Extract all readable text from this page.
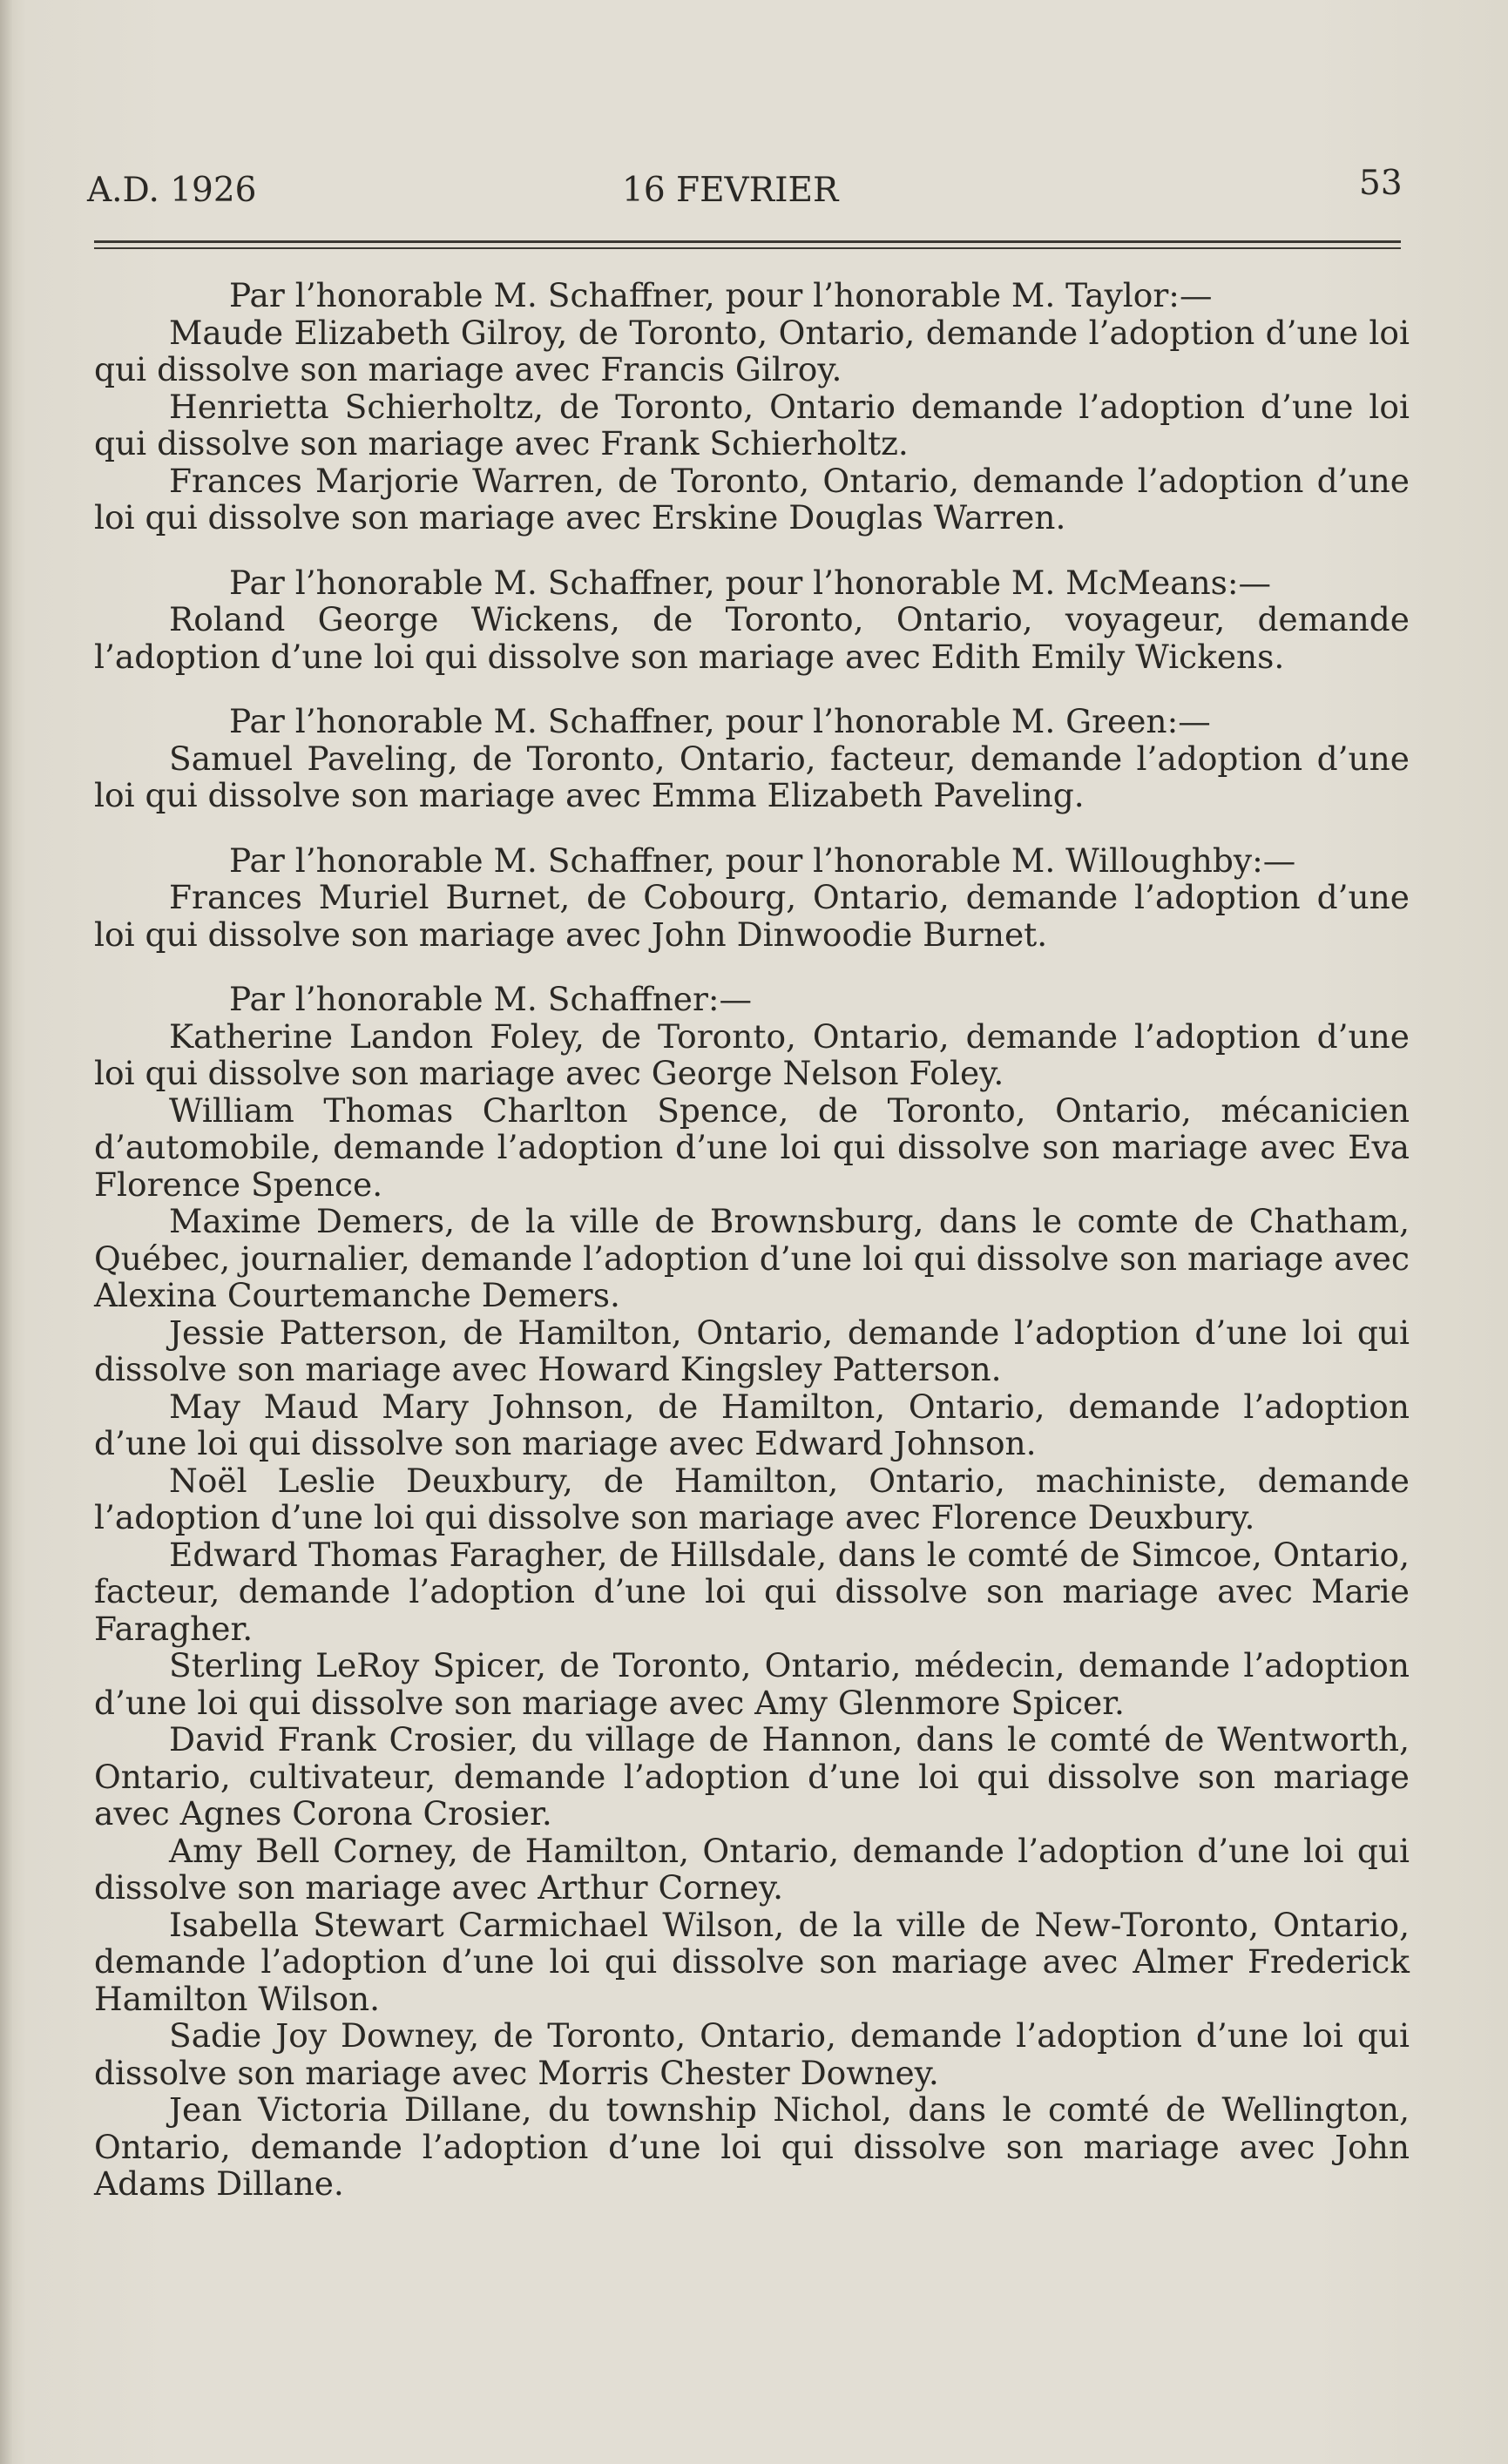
A.D. 1926	16 FEVRIER	53

Par l’honorable M. Schaffner, pour l’honorable M. Taylor:—

Maude Elizabeth Gilroy, de Toronto, Ontario, demande l’adoption d’une loi qui dissolve son mariage avec Francis Gilroy.

Henrietta Schierholtz, de Toronto, Ontario demande l’adoption d’une loi qui dissolve son mariage avec Frank Schierholtz.

Frances Marjorie Warren, de Toronto, Ontario, demande l’adoption d’une loi qui dissolve son mariage avec Erskine Douglas Warren.

Par l’honorable M. Schaffner, pour l’honorable M. McMeans:—

Roland George Wickens, de Toronto, Ontario, voyageur, demande l’adoption d’une loi qui dissolve son mariage avec Edith Emily Wickens.

Par l’honorable M. Schaffner, pour l’honorable M. Green:—

Samuel Paveling, de Toronto, Ontario, facteur, demande l’adoption d’une loi qui dissolve son mariage avec Emma Elizabeth Paveling.

Par l’honorable M. Schaffner, pour l’honorable M. Willoughby:—

Frances Muriel Burnet, de Cobourg, Ontario, demande l’adoption d’une loi qui dissolve son mariage avec John Dinwoodie Burnet.

Par l’honorable M. Schaffner:—

Katherine Landon Foley, de Toronto, Ontario, demande l’adoption d’une loi qui dissolve son mariage avec George Nelson Foley.

William Thomas Charlton Spence, de Toronto, Ontario, mécanicien d’automobile, demande l’adoption d’une loi qui dissolve son mariage avec Eva Florence Spence.

Maxime Demers, de la ville de Brownsburg, dans le comte de Chatham, Québec, journalier, demande l’adoption d’une loi qui dissolve son mariage avec Alexina Courtemanche Demers.

Jessie Patterson, de Hamilton, Ontario, demande l’adoption d’une loi qui dissolve son mariage avec Howard Kingsley Patterson.

May Maud Mary Johnson, de Hamilton, Ontario, demande l’adoption d’une loi qui dissolve son mariage avec Edward Johnson.

Noël Leslie Deuxbury, de Hamilton, Ontario, machiniste, demande l’adoption d’une loi qui dissolve son mariage avec Florence Deuxbury.

Edward Thomas Faragher, de Hillsdale, dans le comté de Simcoe, Ontario, facteur, demande l’adoption d’une loi qui dissolve son mariage avec Marie Faragher.

Sterling LeRoy Spicer, de Toronto, Ontario, médecin, demande l’adoption d’une loi qui dissolve son mariage avec Amy Glenmore Spicer.

David Frank Crosier, du village de Hannon, dans le comté de Wentworth, Ontario, cultivateur, demande l’adoption d’une loi qui dissolve son mariage avec Agnes Corona Crosier.

Amy Bell Corney, de Hamilton, Ontario, demande l’adoption d’une loi qui dissolve son mariage avec Arthur Corney.

Isabella Stewart Carmichael Wilson, de la ville de New-Toronto, Ontario, demande l’adoption d’une loi qui dissolve son mariage avec Almer Frederick Hamilton Wilson.

Sadie Joy Downey, de Toronto, Ontario, demande l’adoption d’une loi qui dissolve son mariage avec Morris Chester Downey.

Jean Victoria Dillane, du township Nichol, dans le comté de Wellington, Ontario, demande l’adoption d’une loi qui dissolve son mariage avec John Adams Dillane.
